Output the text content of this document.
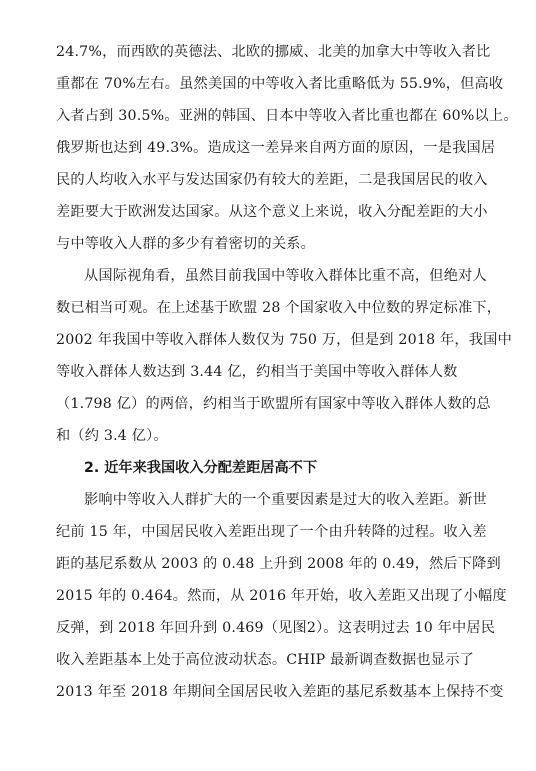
24.7%，而西欧的英德法、北欧的挪威、北美的加拿大中等收入者比
重都在 70%左右。虽然美国的中等收入者比重略低为 55.9%，但高收
入者占到 30.5%。亚洲的韩国、日本中等收入者比重也都在 60%以上。
俄罗斯也达到 49.3%。造成这一差异来自两方面的原因，一是我国居
民的人均收入水平与发达国家仍有较大的差距，二是我国居民的收入
差距要大于欧洲发达国家。从这个意义上来说，收入分配差距的大小
与中等收入人群的多少有着密切的关系。
从国际视角看，虽然目前我国中等收入群体比重不高，但绝对人
数已相当可观。在上述基于欧盟 28 个国家收入中位数的界定标准下，
2002 年我国中等收入群体人数仅为 750 万，但是到 2018 年，我国中
等收入群体人数达到 3.44 亿，约相当于美国中等收入群体人数
（1.798 亿）的两倍，约相当于欧盟所有国家中等收入群体人数的总
和（约 3.4 亿）。
2. 近年来我国收入分配差距居高不下
影响中等收入人群扩大的一个重要因素是过大的收入差距。新世
纪前 15 年，中国居民收入差距出现了一个由升转降的过程。收入差
距的基尼系数从 2003 的 0.48 上升到 2008 年的 0.49，然后下降到
2015 年的 0.464。然而，从 2016 年开始，收入差距又出现了小幅度
反弹，到 2018 年回升到 0.469（见图2）。这表明过去 10 年中居民
收入差距基本上处于高位波动状态。CHIP 最新调查数据也显示了
2013 年至 2018 年期间全国居民收入差距的基尼系数基本上保持不变
